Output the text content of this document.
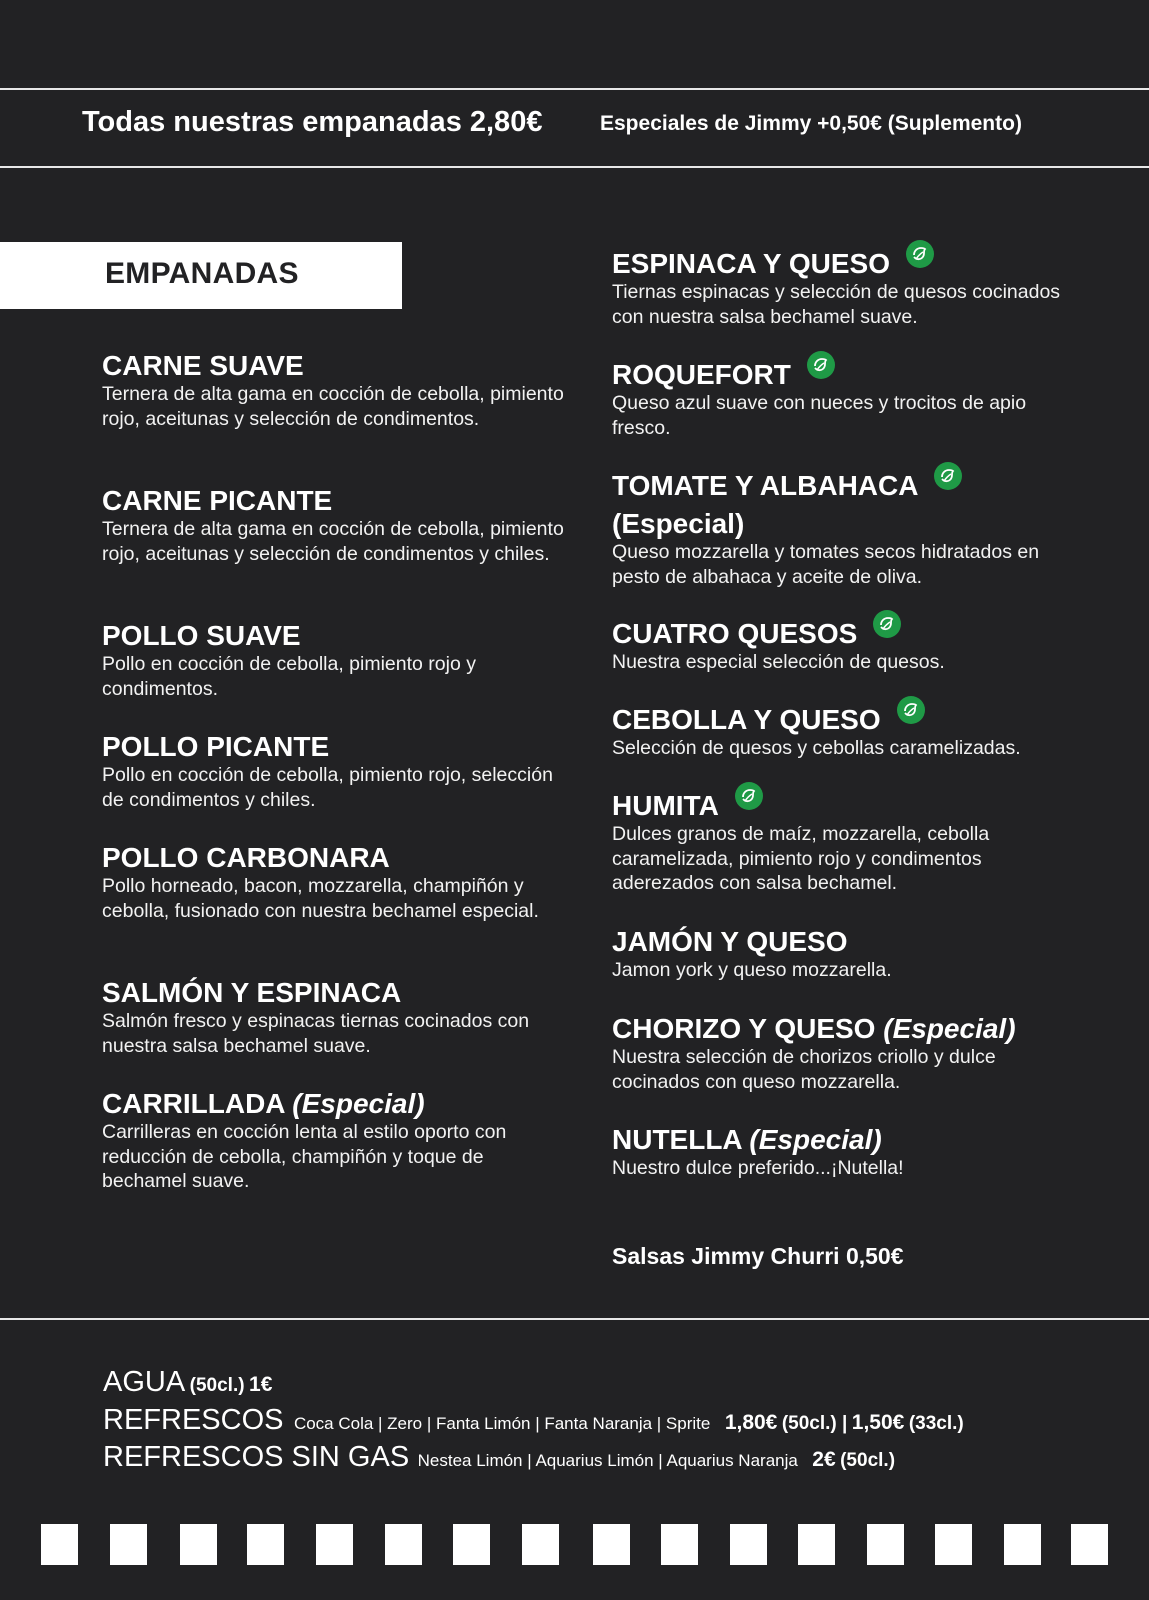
Todas nuestras empanadas 2,80€	Especiales de Jimmy +0,50€ (Suplemento)
EMPANADAS
CARNE SUAVE
Ternera de alta gama en cocción de cebolla, pimiento rojo, aceitunas y selección de condimentos.
CARNE PICANTE
Ternera de alta gama en cocción de cebolla, pimiento rojo, aceitunas y selección de condimentos y chiles.
POLLO SUAVE
Pollo en cocción de cebolla, pimiento rojo y condimentos.
POLLO PICANTE
Pollo en cocción de cebolla, pimiento rojo, selección de condimentos y chiles.
POLLO CARBONARA
Pollo horneado, bacon, mozzarella, champiñón y cebolla, fusionado con nuestra bechamel especial.
SALMÓN Y ESPINACA
Salmón fresco y espinacas tiernas cocinados con nuestra salsa bechamel suave.
CARRILLADA (Especial)
Carrilleras en cocción lenta al estilo oporto con reducción de cebolla, champiñón y toque de bechamel suave.
ESPINACA Y QUESO
Tiernas espinacas y selección de quesos cocinados con nuestra salsa bechamel suave.
ROQUEFORT
Queso azul suave con nueces y trocitos de apio fresco.
TOMATE Y ALBAHACA
(Especial)
Queso mozzarella y tomates secos hidratados en pesto de albahaca y aceite de oliva.
CUATRO QUESOS
Nuestra especial selección de quesos.
CEBOLLA Y QUESO
Selección de quesos y cebollas caramelizadas.
HUMITA
Dulces granos de maíz, mozzarella, cebolla caramelizada, pimiento rojo y condimentos aderezados con salsa bechamel.
JAMÓN Y QUESO
Jamon york y queso mozzarella.
CHORIZO Y QUESO (Especial)
Nuestra selección de chorizos criollo y dulce cocinados con queso mozzarella.
NUTELLA (Especial)
Nuestro dulce preferido...¡Nutella!
Salsas Jimmy Churri 0,50€
AGUA (50cl.) 1€
REFRESCOS Coca Cola | Zero | Fanta Limón | Fanta Naranja | Sprite 1,80€ (50cl.) | 1,50€ (33cl.)
REFRESCOS SIN GAS Nestea Limón | Aquarius Limón | Aquarius Naranja 2€ (50cl.)
